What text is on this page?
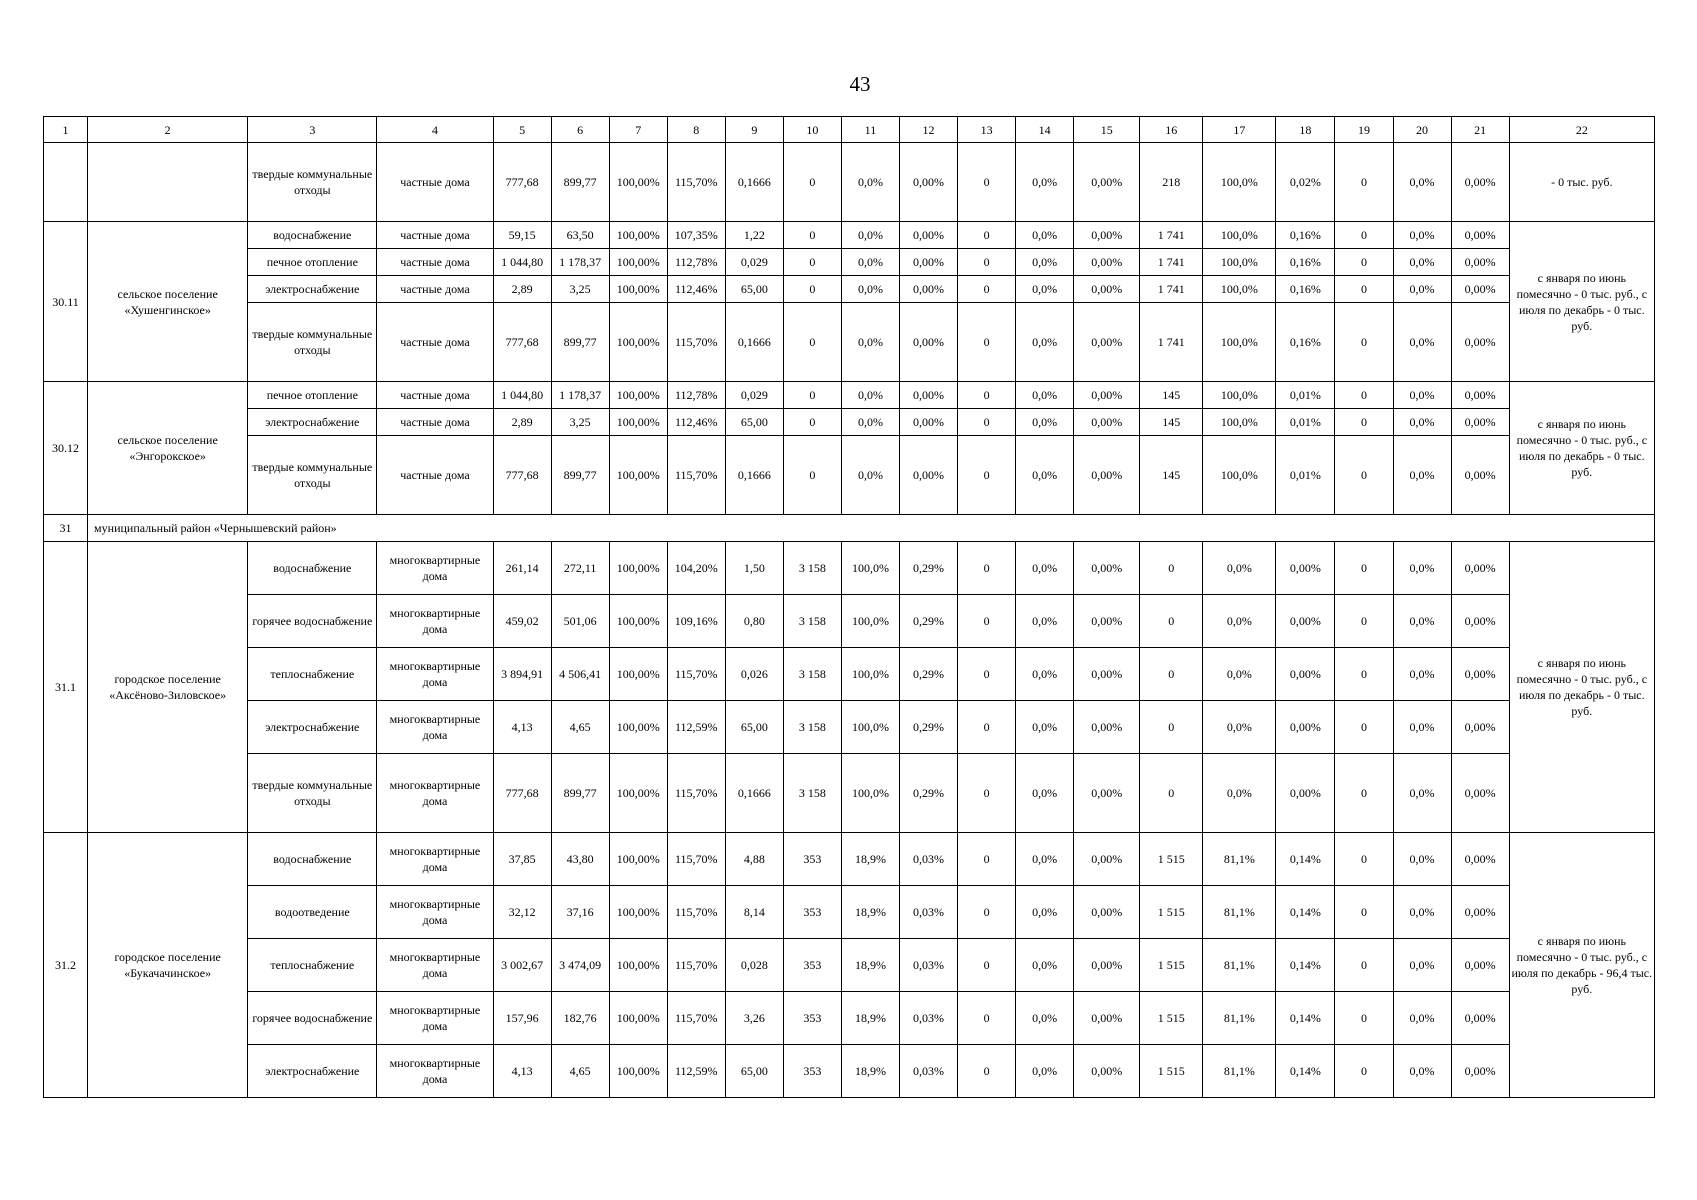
43
1	2	3	4	5	6	7	8	9	10	11	12	13	14	15	16	17	18	19	20	21	22
		твердые коммунальные отходы	частные дома	777,68	899,77	100,00%	115,70%	0,1666	0	0,0%	0,00%	0	0,0%	0,00%	218	100,0%	0,02%	0	0,0%	0,00%	- 0 тыс. руб.
30.11	сельское поселение «Хушенгинское»	водоснабжение	частные дома	59,15	63,50	100,00%	107,35%	1,22	0	0,0%	0,00%	0	0,0%	0,00%	1 741	100,0%	0,16%	0	0,0%	0,00%	с января по июнь помесячно - 0 тыс. руб., с июля по декабрь - 0 тыс. руб.
		печное отопление	частные дома	1 044,80	1 178,37	100,00%	112,78%	0,029	0	0,0%	0,00%	0	0,0%	0,00%	1 741	100,0%	0,16%	0	0,0%	0,00%	
		электроснабжение	частные дома	2,89	3,25	100,00%	112,46%	65,00	0	0,0%	0,00%	0	0,0%	0,00%	1 741	100,0%	0,16%	0	0,0%	0,00%	
		твердые коммунальные отходы	частные дома	777,68	899,77	100,00%	115,70%	0,1666	0	0,0%	0,00%	0	0,0%	0,00%	1 741	100,0%	0,16%	0	0,0%	0,00%	
30.12	сельское поселение «Энгорокское»	печное отопление	частные дома	1 044,80	1 178,37	100,00%	112,78%	0,029	0	0,0%	0,00%	0	0,0%	0,00%	145	100,0%	0,01%	0	0,0%	0,00%	с января по июнь помесячно - 0 тыс. руб., с июля по декабрь - 0 тыс. руб.
		электроснабжение	частные дома	2,89	3,25	100,00%	112,46%	65,00	0	0,0%	0,00%	0	0,0%	0,00%	145	100,0%	0,01%	0	0,0%	0,00%	
		твердые коммунальные отходы	частные дома	777,68	899,77	100,00%	115,70%	0,1666	0	0,0%	0,00%	0	0,0%	0,00%	145	100,0%	0,01%	0	0,0%	0,00%	
31	муниципальный район «Чернышевский район»																				
31.1	городское поселение «Аксёново-Зиловское»	водоснабжение	многоквартирные дома	261,14	272,11	100,00%	104,20%	1,50	3 158	100,0%	0,29%	0	0,0%	0,00%	0	0,0%	0,00%	0	0,0%	0,00%	с января по июнь помесячно - 0 тыс. руб., с июля по декабрь - 0 тыс. руб.
		горячее водоснабжение	многоквартирные дома	459,02	501,06	100,00%	109,16%	0,80	3 158	100,0%	0,29%	0	0,0%	0,00%	0	0,0%	0,00%	0	0,0%	0,00%	
		теплоснабжение	многоквартирные дома	3 894,91	4 506,41	100,00%	115,70%	0,026	3 158	100,0%	0,29%	0	0,0%	0,00%	0	0,0%	0,00%	0	0,0%	0,00%	
		электроснабжение	многоквартирные дома	4,13	4,65	100,00%	112,59%	65,00	3 158	100,0%	0,29%	0	0,0%	0,00%	0	0,0%	0,00%	0	0,0%	0,00%	
		твердые коммунальные отходы	многоквартирные дома	777,68	899,77	100,00%	115,70%	0,1666	3 158	100,0%	0,29%	0	0,0%	0,00%	0	0,0%	0,00%	0	0,0%	0,00%	
31.2	городское поселение «Букачачинское»	водоснабжение	многоквартирные дома	37,85	43,80	100,00%	115,70%	4,88	353	18,9%	0,03%	0	0,0%	0,00%	1 515	81,1%	0,14%	0	0,0%	0,00%	с января по июнь помесячно - 0 тыс. руб., с июля по декабрь - 96,4 тыс. руб.
		водоотведение	многоквартирные дома	32,12	37,16	100,00%	115,70%	8,14	353	18,9%	0,03%	0	0,0%	0,00%	1 515	81,1%	0,14%	0	0,0%	0,00%	
		теплоснабжение	многоквартирные дома	3 002,67	3 474,09	100,00%	115,70%	0,028	353	18,9%	0,03%	0	0,0%	0,00%	1 515	81,1%	0,14%	0	0,0%	0,00%	
		горячее водоснабжение	многоквартирные дома	157,96	182,76	100,00%	115,70%	3,26	353	18,9%	0,03%	0	0,0%	0,00%	1 515	81,1%	0,14%	0	0,0%	0,00%	
		электроснабжение	многоквартирные дома	4,13	4,65	100,00%	112,59%	65,00	353	18,9%	0,03%	0	0,0%	0,00%	1 515	81,1%	0,14%	0	0,0%	0,00%	
